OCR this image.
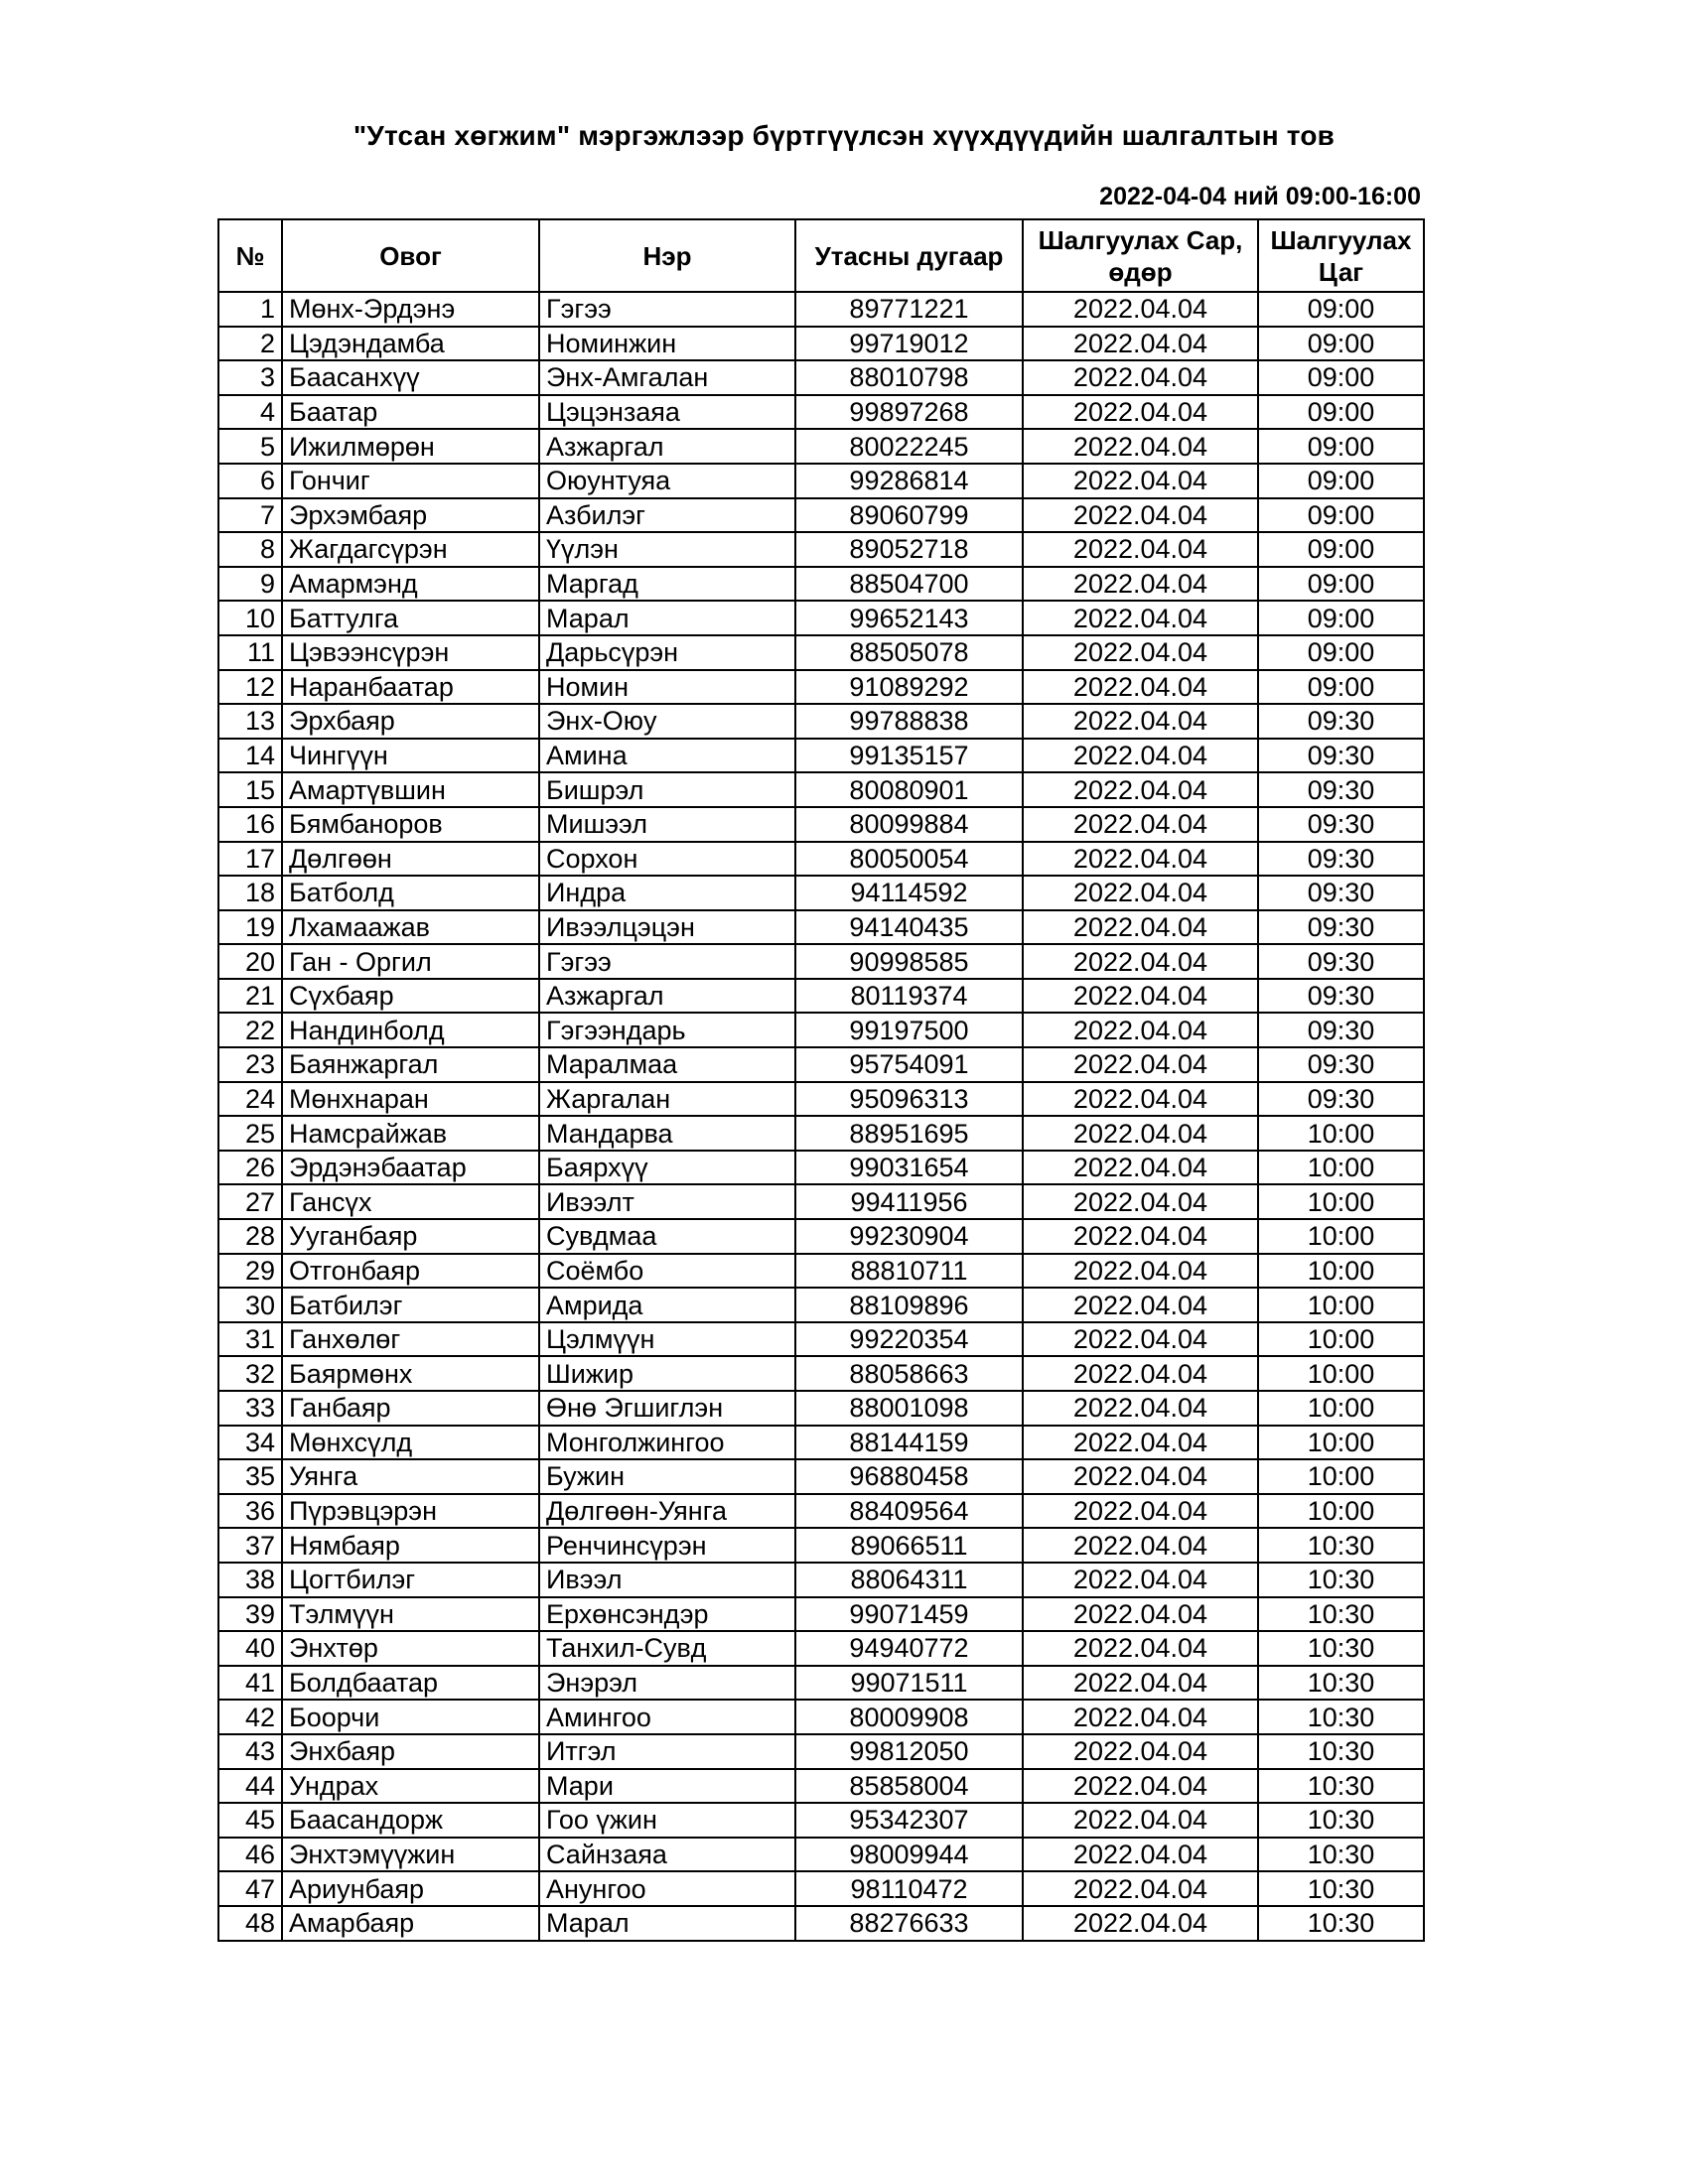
"Утсан хөгжим" мэргэжлээр бүртгүүлсэн хүүхдүүдийн шалгалтын тов
2022-04-04 ний 09:00-16:00
№	Овог	Нэр	Утасны дугаар	Шалгуулах Сар, өдөр	Шалгуулах Цаг
1	Мөнх-Эрдэнэ	Гэгээ	89771221	2022.04.04	09:00
2	Цэдэндамба	Номинжин	99719012	2022.04.04	09:00
3	Баасанхүү	Энх-Амгалан	88010798	2022.04.04	09:00
4	Баатар	Цэцэнзаяа	99897268	2022.04.04	09:00
5	Ижилмөрөн	Азжаргал	80022245	2022.04.04	09:00
6	Гончиг	Оюунтуяа	99286814	2022.04.04	09:00
7	Эрхэмбаяр	Азбилэг	89060799	2022.04.04	09:00
8	Жагдагсүрэн	Үүлэн	89052718	2022.04.04	09:00
9	Амармэнд	Маргад	88504700	2022.04.04	09:00
10	Баттулга	Марал	99652143	2022.04.04	09:00
11	Цэвээнсүрэн	Дарьсүрэн	88505078	2022.04.04	09:00
12	Наранбаатар	Номин	91089292	2022.04.04	09:00
13	Эрхбаяр	Энх-Оюу	99788838	2022.04.04	09:30
14	Чингүүн	Амина	99135157	2022.04.04	09:30
15	Амартүвшин	Бишрэл	80080901	2022.04.04	09:30
16	Бямбаноров	Мишээл	80099884	2022.04.04	09:30
17	Дөлгөөн	Сорхон	80050054	2022.04.04	09:30
18	Батболд	Индра	94114592	2022.04.04	09:30
19	Лхамаажав	Ивээлцэцэн	94140435	2022.04.04	09:30
20	Ган - Оргил	Гэгээ	90998585	2022.04.04	09:30
21	Сүхбаяр	Азжаргал	80119374	2022.04.04	09:30
22	Нандинболд	Гэгээндарь	99197500	2022.04.04	09:30
23	Баянжаргал	Маралмаа	95754091	2022.04.04	09:30
24	Мөнхнаран	Жаргалан	95096313	2022.04.04	09:30
25	Намсрайжав	Мандарва	88951695	2022.04.04	10:00
26	Эрдэнэбаатар	Баярхүү	99031654	2022.04.04	10:00
27	Гансүх	Ивээлт	99411956	2022.04.04	10:00
28	Ууганбаяр	Сувдмаа	99230904	2022.04.04	10:00
29	Отгонбаяр	Соёмбо	88810711	2022.04.04	10:00
30	Батбилэг	Амрида	88109896	2022.04.04	10:00
31	Ганхөлөг	Цэлмүүн	99220354	2022.04.04	10:00
32	Баярмөнх	Шижир	88058663	2022.04.04	10:00
33	Ганбаяр	Өнө Эгшиглэн	88001098	2022.04.04	10:00
34	Мөнхсүлд	Монголжингоо	88144159	2022.04.04	10:00
35	Уянга	Бужин	96880458	2022.04.04	10:00
36	Пүрэвцэрэн	Дөлгөөн-Уянга	88409564	2022.04.04	10:00
37	Нямбаяр	Ренчинсүрэн	89066511	2022.04.04	10:30
38	Цогтбилэг	Ивээл	88064311	2022.04.04	10:30
39	Тэлмүүн	Ерхөнсэндэр	99071459	2022.04.04	10:30
40	Энхтөр	Танхил-Сувд	94940772	2022.04.04	10:30
41	Болдбаатар	Энэрэл	99071511	2022.04.04	10:30
42	Боорчи	Амингоо	80009908	2022.04.04	10:30
43	Энхбаяр	Итгэл	99812050	2022.04.04	10:30
44	Ундрах	Мари	85858004	2022.04.04	10:30
45	Баасандорж	Гоо үжин	95342307	2022.04.04	10:30
46	Энхтэмүүжин	Сайнзаяа	98009944	2022.04.04	10:30
47	Ариунбаяр	Анунгоо	98110472	2022.04.04	10:30
48	Амарбаяр	Марал	88276633	2022.04.04	10:30
